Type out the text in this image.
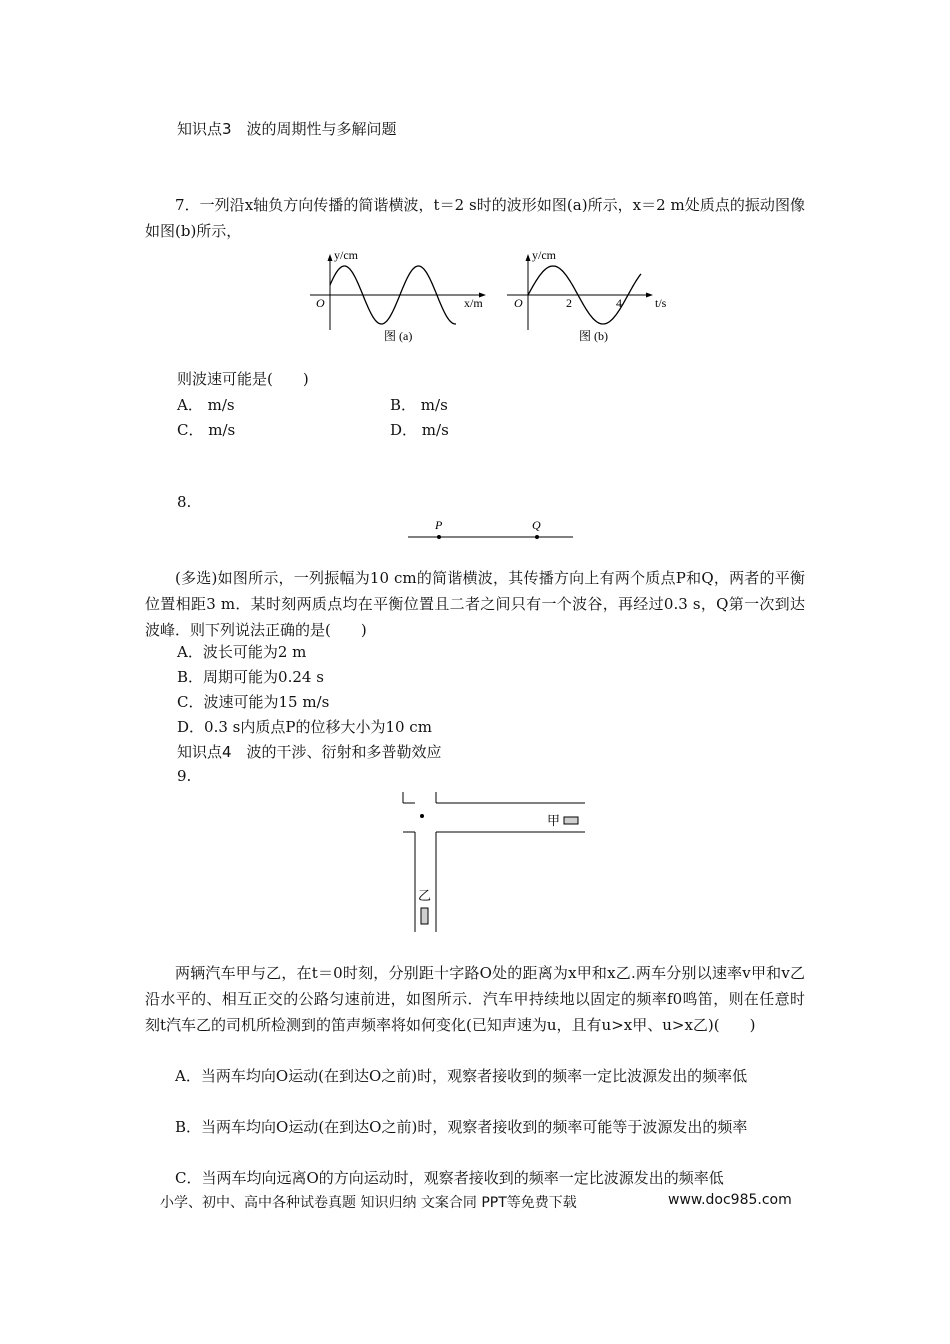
知识点3　波的周期性与多解问题
7．一列沿x轴负方向传播的简谐横波，t＝2 s时的波形如图(a)所示，x＝2 m处质点的振动图像如图(b)所示，
y/cm
O	x/m
图 (a)
y/cm
O	2	4	t/s
图 (b)
则波速可能是(　　)
A． m/s	B． m/s
C． m/s	D． m/s
8.
P	Q
(多选)如图所示，一列振幅为10 cm的简谐横波，其传播方向上有两个质点P和Q，两者的平衡位置相距3 m．某时刻两质点均在平衡位置且二者之间只有一个波谷，再经过0.3 s，Q第一次到达波峰．则下列说法正确的是(　　)
A．波长可能为2 m
B．周期可能为0.24 s
C．波速可能为15 m/s
D．0.3 s内质点P的位移大小为10 cm
知识点4　波的干涉、衍射和多普勒效应
9.
甲
乙
两辆汽车甲与乙，在t＝0时刻，分别距十字路O处的距离为x甲和x乙.两车分别以速率v甲和v乙沿水平的、相互正交的公路匀速前进，如图所示．汽车甲持续地以固定的频率f0鸣笛，则在任意时刻t汽车乙的司机所检测到的笛声频率将如何变化(已知声速为u，且有u>x甲、u>x乙)(　　)
A．当两车均向O运动(在到达O之前)时，观察者接收到的频率一定比波源发出的频率低
B．当两车均向O运动(在到达O之前)时，观察者接收到的频率可能等于波源发出的频率
C．当两车均向远离O的方向运动时，观察者接收到的频率一定比波源发出的频率低
小学、初中、高中各种试卷真题 知识归纳 文案合同 PPT等免费下载	www.doc985.com
